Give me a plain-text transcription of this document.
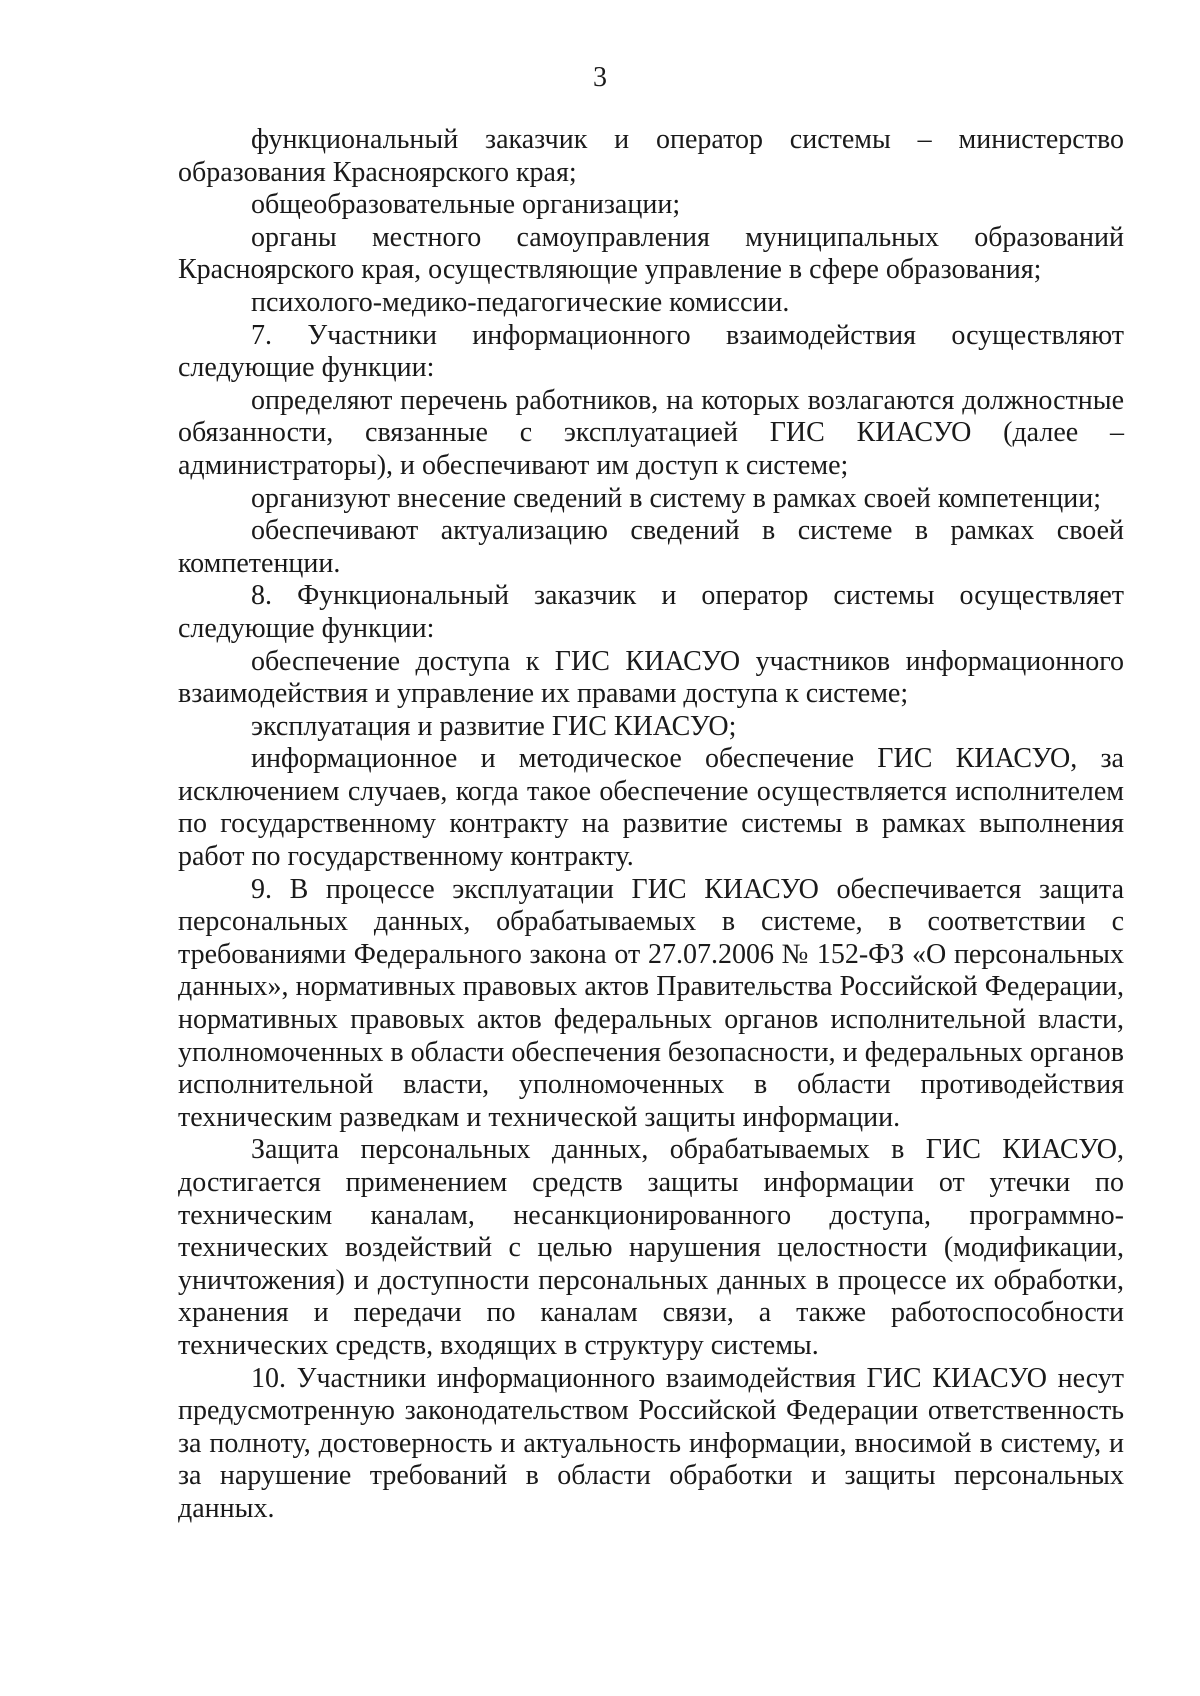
3

функциональный заказчик и оператор системы – министерство образования Красноярского края;

общеобразовательные организации;

органы местного самоуправления муниципальных образований Красноярского края, осуществляющие управление в сфере образования;

психолого-медико-педагогические комиссии.

7. Участники информационного взаимодействия осуществляют следующие функции:

определяют перечень работников, на которых возлагаются должностные обязанности, связанные с эксплуатацией ГИС КИАСУО (далее – администраторы), и обеспечивают им доступ к системе;

организуют внесение сведений в систему в рамках своей компетенции;

обеспечивают актуализацию сведений в системе в рамках своей компетенции.

8. Функциональный заказчик и оператор системы осуществляет следующие функции:

обеспечение доступа к ГИС КИАСУО участников информационного взаимодействия и управление их правами доступа к системе;

эксплуатация и развитие ГИС КИАСУО;

информационное и методическое обеспечение ГИС КИАСУО, за исключением случаев, когда такое обеспечение осуществляется исполнителем по государственному контракту на развитие системы в рамках выполнения работ по государственному контракту.

9. В процессе эксплуатации ГИС КИАСУО обеспечивается защита персональных данных, обрабатываемых в системе, в соответствии с требованиями Федерального закона от 27.07.2006 № 152-ФЗ «О персональных данных», нормативных правовых актов Правительства Российской Федерации, нормативных правовых актов федеральных органов исполнительной власти, уполномоченных в области обеспечения безопасности, и федеральных органов исполнительной власти, уполномоченных в области противодействия техническим разведкам и технической защиты информации.

Защита персональных данных, обрабатываемых в ГИС КИАСУО, достигается применением средств защиты информации от утечки по техническим каналам, несанкционированного доступа, программно-технических воздействий с целью нарушения целостности (модификации, уничтожения) и доступности персональных данных в процессе их обработки, хранения и передачи по каналам связи, а также работоспособности технических средств, входящих в структуру системы.

10. Участники информационного взаимодействия ГИС КИАСУО несут предусмотренную законодательством Российской Федерации ответственность за полноту, достоверность и актуальность информации, вносимой в систему, и за нарушение требований в области обработки и защиты персональных данных.
